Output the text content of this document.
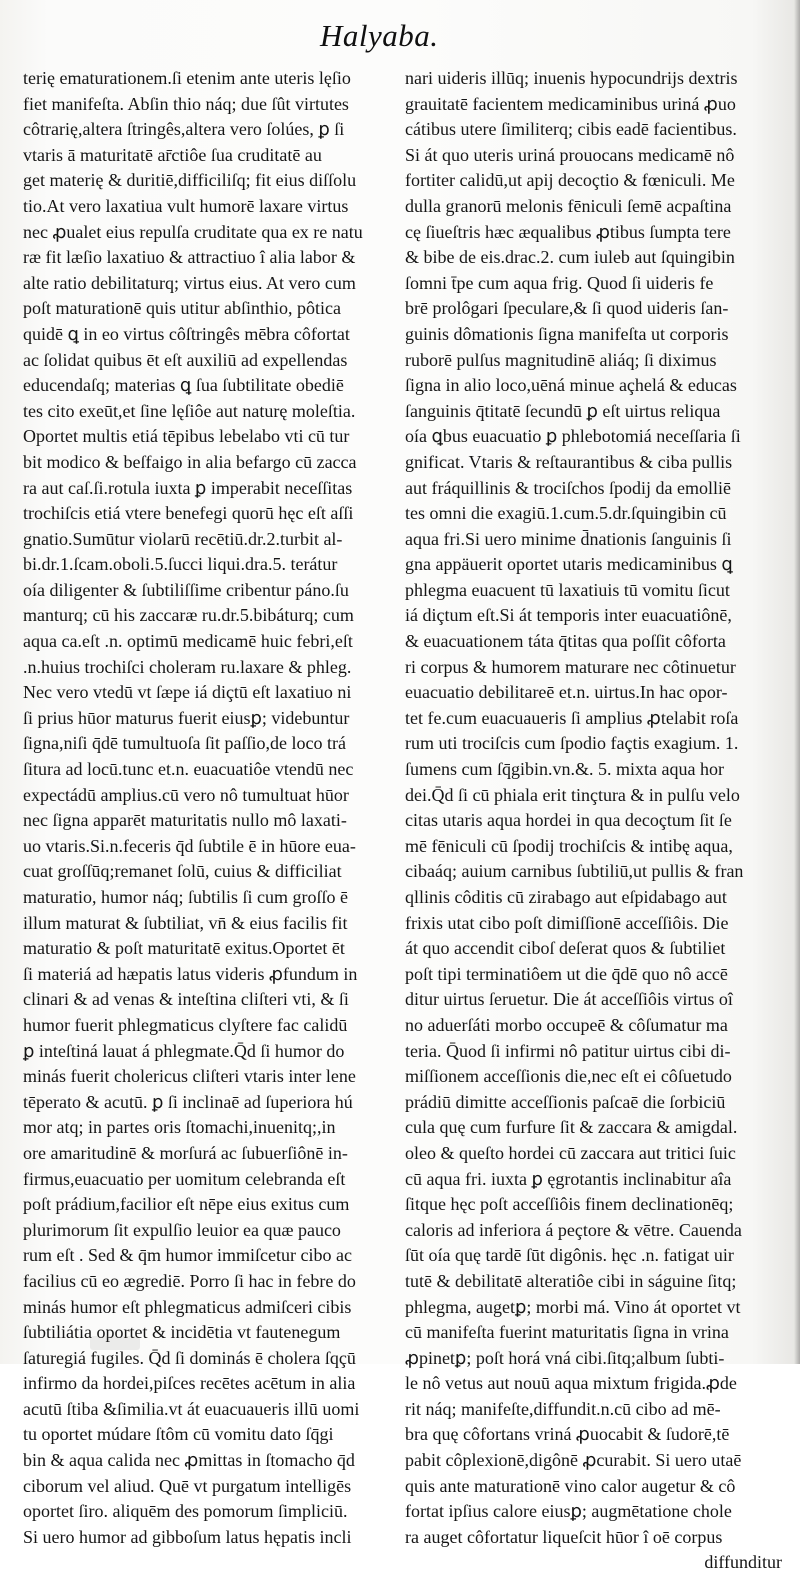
Halyaba.
terię ematurationem.ſi etenim ante uteris lęſio
fiet manifeſta. Abſin thio náq; due ſût virtutes
côtrarię,altera ſtringês,altera vero ſolúes, ꝑ ſi
vtaris ā maturitatē ar̄ctiôe ſua cruditatē au
get materię & duritiē,difficiliſq; fit eius diſſolu
tio.At vero laxatiua vult humorē laxare virtus
nec ꝓualet eius repulſa cruditate qua ex re natu
ræ fit læſio laxatiuo & attractiuo î alia labor &
alte ratio debilitaturq; virtus eius. At vero cum
poſt maturationē quis utitur abſinthio, pôtica
quidē ꝗ in eo virtus côſtringês mēbra côfortat
ac ſolidat quibus ēt eſt auxiliū ad expellendas
educendaſq; materias ꝗ ſua ſubtilitate obediē
tes cito exeūt,et ſine lęſiôe aut naturę moleſtia.
Oportet multis etiá tēpibus lebelabo vti cū tur
bit modico & beſfaigo in alia befargo cū zacca
ra aut caſ.ſi.rotula iuxta ꝑ imperabit neceſſitas
trochiſcis etiá vtere benefegi quorū hęc eſt aſſi
gnatio.Sumūtur violarū recētiū.dr.2.turbit al-
bi.dr.1.ſcam.oboli.5.ſucci liqui.dra.5. terátur
oía diligenter & ſubtiliſſime cribentur páno.ſu
manturq; cū his zaccaræ ru.dr.5.bibáturq; cum
aqua ca.eſt .n. optimū medicamē huic febri,eſt
.n.huius trochiſci choleram ru.laxare & phleg.
Nec vero vtedū vt ſæpe iá diçtū eſt laxatiuo ni
ſi prius hūor maturus fuerit eiusꝑ; videbuntur
ſigna,niſi q̄dē tumultuoſa ſit paſſio,de loco trá
ſitura ad locū.tunc et.n. euacuatiôe vtendū nec
expectádū amplius.cū vero nô tumultuat hūor
nec ſigna apparēt maturitatis nullo mô laxati-
uo vtaris.Si.n.feceris q̄d ſubtile ē in hūore eua-
cuat groſſūq;remanet ſolū, cuius & difficiliat
maturatio, humor náq; ſubtilis ſi cum groſſo ē
illum maturat & ſubtiliat, vn̄ & eius facilis fit
maturatio & poſt maturitatē exitus.Oportet ēt
ſi materiá ad hæpatis latus videris ꝓfundum in
clinari & ad venas & inteſtina cliſteri vti, & ſi
humor fuerit phlegmaticus clyſtere fac calidū
ꝑ inteſtiná lauat á phlegmate.Q̄d ſi humor do
minás fuerit cholericus cliſteri vtaris inter lene
tēperato & acutū. ꝑ ſi inclinaē ad ſuperiora hú
mor atq; in partes oris ſtomachi,inuenitq;,in
ore amaritudinē & morſurá ac ſubuerſiônē in-
firmus,euacuatio per uomitum celebranda eſt
poſt prádium,facilior eſt nēpe eius exitus cum
plurimorum ſit expulſio leuior ea quæ pauco
rum eſt . Sed & q̄m humor immiſcetur cibo ac
facilius cū eo ægrediē. Porro ſi hac in febre do
minás humor eſt phlegmaticus admiſceri cibis
ſubtiliátia oportet & incidētia vt fautenegum
ſaturegiá fugiles. Q̄d ſi dominás ē cholera ſqçū
infirmo da hordei,piſces recētes acētum in alia
acutū ſtiba &ſimilia.vt át euacuaueris illū uomi
tu oportet múdare ſtôm cū vomitu dato ſq̄gi
bin & aqua calida nec ꝓmittas in ſtomacho q̄d
ciborum vel aliud. Quē vt purgatum intelligēs
oportet ſiro. aliquēm des pomorum ſimpliciū.
Si uero humor ad gibboſum latus hępatis incli
nari uideris illūq; inuenis hypocundrijs dextris
grauitatē facientem medicaminibus uriná ꝓuo
cátibus utere ſimiliterq; cibis eadē facientibus.
Si át quo uteris uriná prouocans medicamē nô
fortiter calidū,ut apij decoçtio & fœniculi. Me
dulla granorū melonis fēniculi ſemē acpaſtina
cę ſiueſtris hæc æqualibus ꝓtibus ſumpta tere
& bibe de eis.drac.2. cum iuleb aut ſquingibin
ſomni t̄pe cum aqua frig. Quod ſi uideris fe
brē prolôgari ſpeculare,& ſi quod uideris ſan-
guinis dômationis ſigna manifeſta ut corporis
ruborē pulſus magnitudinē aliáq; ſi diximus
ſigna in alio loco,uēná minue açhelá & educas
ſanguinis q̄titatē ſecundū ꝑ eſt uirtus reliqua
oía ꝗbus euacuatio ꝑ phlebotomiá neceſſaria ſi
gnificat. Vtaris & reſtaurantibus & ciba pullis
aut fráquillinis & trociſchos ſpodij da emolliē
tes omni die exagiū.1.cum.5.dr.ſquingibin cū
aqua fri.Si uero minime d̄nationis ſanguinis ſi
gna appäuerit oportet utaris medicaminibus ꝗ
phlegma euacuent tū laxatiuis tū vomitu ſicut
iá diçtum eſt.Si át temporis inter euacuatiônē,
& euacuationem táta q̄titas qua poſſit côforta
ri corpus & humorem maturare nec côtinuetur
euacuatio debilitareē et.n. uirtus.In hac opor-
tet fe.cum euacuaueris ſi amplius ꝓtelabit roſa
rum uti trociſcis cum ſpodio façtis exagium. 1.
ſumens cum ſq̄gibin.vn.&. 5. mixta aqua hor
dei.Q̄d ſi cū phiala erit tinçtura & in pulſu velo
citas utaris aqua hordei in qua decoçtum ſit ſe
mē fēniculi cū ſpodij trochiſcis & intibę aqua,
cibaáq; auium carnibus ſubtiliū,ut pullis & fran
qllinis côditis cū zirabago aut eſpidabago aut
frixis utat cibo poſt dimiſſionē acceſſiôis. Die
át quo accendit ciboſ deſerat quos & ſubtiliet
poſt tipi terminatiôem ut die q̄dē quo nô accē
ditur uirtus ſeruetur. Die át acceſſiôis virtus oî
no aduerſáti morbo occupeē & côſumatur ma
teria. Q̄uod ſi infirmi nô patitur uirtus cibi di-
miſſionem acceſſionis die,nec eſt ei côſuetudo
prádiū dimitte acceſſionis paſcaē die ſorbiciū
cula quę cum furfure ſit & zaccara & amigdal.
oleo & queſto hordei cū zaccara aut tritici ſuic
cū aqua fri. iuxta ꝑ ęgrotantis inclinabitur aîa
ſitque hęc poſt acceſſiôis finem declinationēq;
caloris ad inferiora á peçtore & vētre. Cauenda
ſūt oía quę tardē ſūt digônis. hęc .n. fatigat uir
tutē & debilitatē alteratiôe cibi in ságuine ſitq;
phlegma, augetꝑ; morbi má. Vino át oportet vt
cū manifeſta fuerint maturitatis ſigna in vrina
ꝓpinetꝑ; poſt horá vná cibi.ſitq;album ſubti-
le nô vetus aut nouū aqua mixtum frigida.ꝓde
rit náq; manifeſte,diffundit.n.cū cibo ad mē-
bra quę côfortans vriná ꝓuocabit & ſudorē,tē
pabit côplexionē,digônē ꝓcurabit. Si uero utaē
quis ante maturationē vino calor augetur & cô
fortat ipſius calore eiusꝑ; augmētatione chole
ra auget côfortatur liqueſcit hūor î oē corpus
diffunditur
